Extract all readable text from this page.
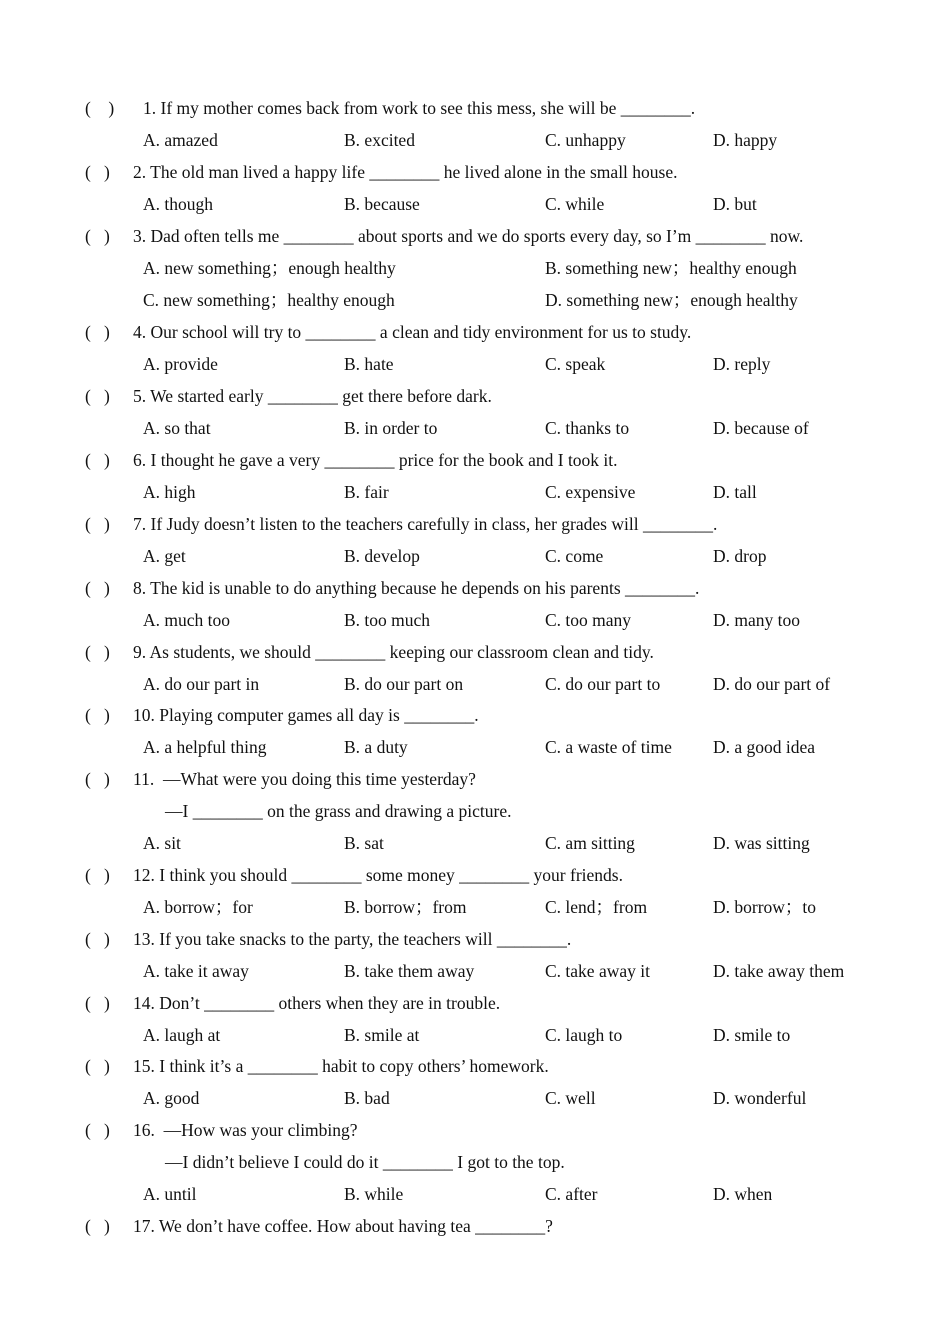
(    ) 1. If my mother comes back from work to see this mess, she will be ________.
A. amazed	B. excited	C. unhappy	D. happy
(   ) 2. The old man lived a happy life ________ he lived alone in the small house.
A. though	B. because	C. while	D. but
(   ) 3. Dad often tells me ________ about sports and we do sports every day, so I’m ________ now.
A. new something；enough healthy	B. something new；healthy enough
C. new something；healthy enough	D. something new；enough healthy
(   ) 4. Our school will try to ________ a clean and tidy environment for us to study.
A. provide	B. hate	C. speak	D. reply
(   ) 5. We started early ________ get there before dark.
A. so that	B. in order to	C. thanks to	D. because of
(   ) 6. I thought he gave a very ________ price for the book and I took it.
A. high	B. fair	C. expensive	D. tall
(   ) 7. If Judy doesn’t listen to the teachers carefully in class, her grades will ________.
A. get	B. develop	C. come	D. drop
(   ) 8. The kid is unable to do anything because he depends on his parents ________.
A. much too	B. too much	C. too many	D. many too
(   ) 9. As students, we should ________ keeping our classroom clean and tidy.
A. do our part in	B. do our part on	C. do our part to	D. do our part of
(   ) 10. Playing computer games all day is ________.
A. a helpful thing	B. a duty	C. a waste of time D. a good idea
(   ) 11.  —What were you doing this time yesterday?
—I ________ on the grass and drawing a picture.
A. sit	B. sat	C. am sitting	D. was sitting
(   ) 12. I think you should ________ some money ________ your friends.
A. borrow；for	B. borrow；from	C. lend；from	D. borrow；to
(   ) 13. If you take snacks to the party, the teachers will ________.
A. take it away	B. take them away	C. take away it	D. take away them
(   ) 14. Don’t ________ others when they are in trouble.
A. laugh at	B. smile at	C. laugh to	D. smile to
(   ) 15. I think it’s a ________ habit to copy others’ homework.
A. good	B. bad	C. well	D. wonderful
(   ) 16.  —How was your climbing?
—I didn’t believe I could do it ________ I got to the top.
A. until	B. while	C. after	D. when
(   ) 17. We don’t have coffee. How about having tea ________?
